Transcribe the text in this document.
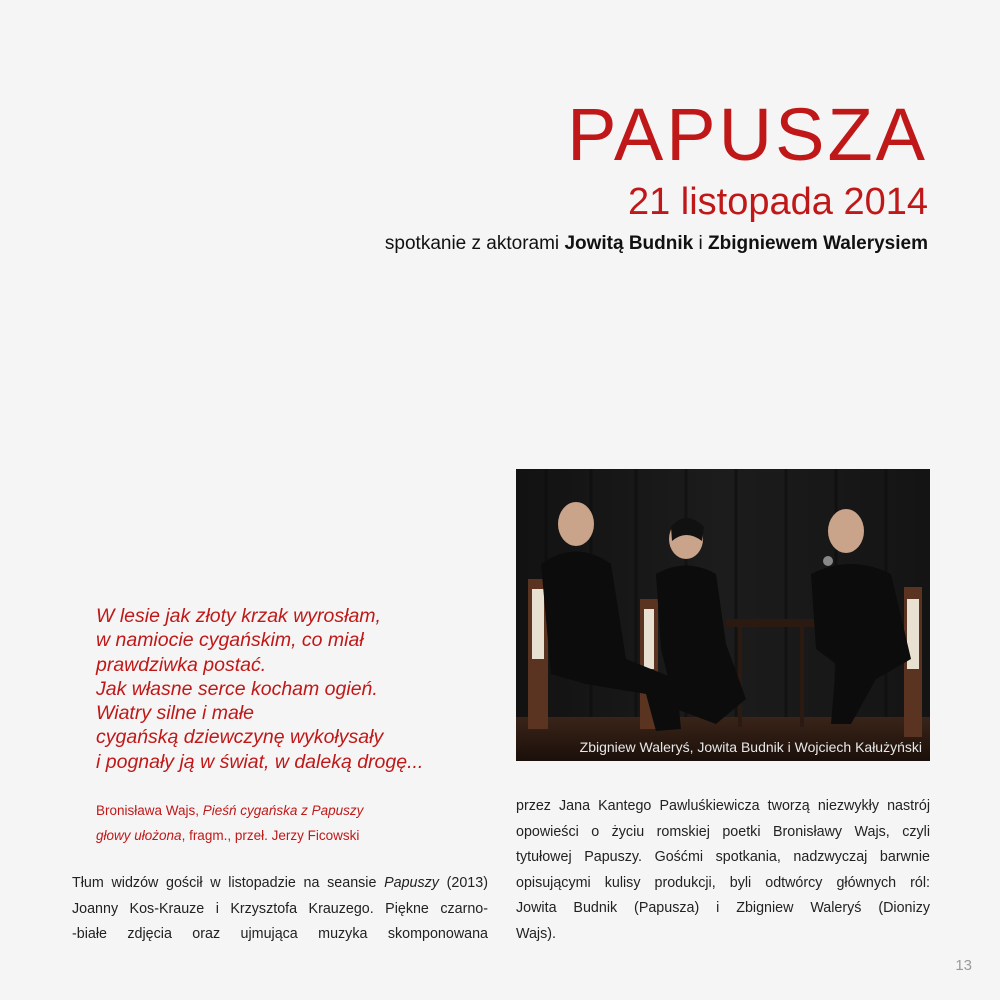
PAPUSZA
21 listopada 2014
spotkanie z aktorami Jowitą Budnik i Zbigniewem Walerysiem
Zbigniew Waleryś, Jowita Budnik i Wojciech Kałużyński
W lesie jak złoty krzak wyrosłam,
w namiocie cygańskim, co miał
prawdziwka postać.
Jak własne serce kocham ogień.
Wiatry silne i małe
cygańską dziewczynę wykołysały
i pognały ją w świat, w daleką drogę...
Bronisława Wajs, Pieśń cygańska z Papuszy
głowy ułożona, fragm., przeł. Jerzy Ficowski
Tłum widzów gościł w listopadzie na seansie Papuszy (2013)
Joanny Kos-Krauze i Krzysztofa Krauzego. Piękne czarno-
-białe zdjęcia oraz ujmująca muzyka skomponowana
przez Jana Kantego Pawluśkiewicza tworzą niezwykły nastrój
opowieści o życiu romskiej poetki Bronisławy Wajs, czyli
tytułowej Papuszy. Gośćmi spotkania, nadzwyczaj barwnie
opisującymi kulisy produkcji, byli odtwórcy głównych ról:
Jowita Budnik (Papusza) i Zbigniew Waleryś (Dionizy
Wajs).
13
